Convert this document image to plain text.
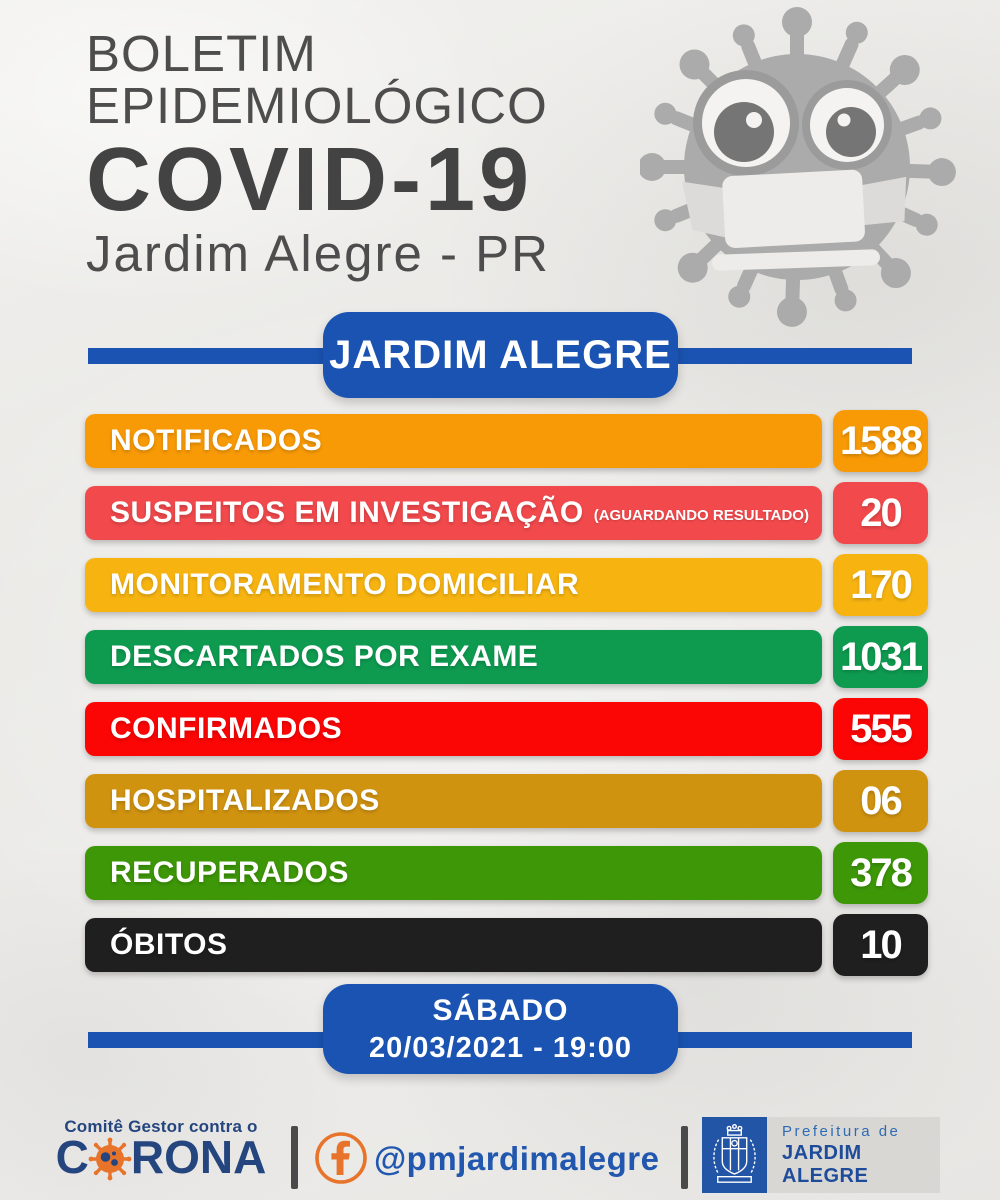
BOLETIM
EPIDEMIOLÓGICO
COVID-19
Jardim Alegre - PR
JARDIM ALEGRE
NOTIFICADOS	1588
SUSPEITOS EM INVESTIGAÇÃO (AGUARDANDO RESULTADO)	20
MONITORAMENTO DOMICILIAR	170
DESCARTADOS POR EXAME	1031
CONFIRMADOS	555
HOSPITALIZADOS	06
RECUPERADOS	378
ÓBITOS	10
SÁBADO
20/03/2021 - 19:00
Comitê Gestor contra o
C RONA	@pmjardimalegre
Prefeitura de
JARDIM ALEGRE
